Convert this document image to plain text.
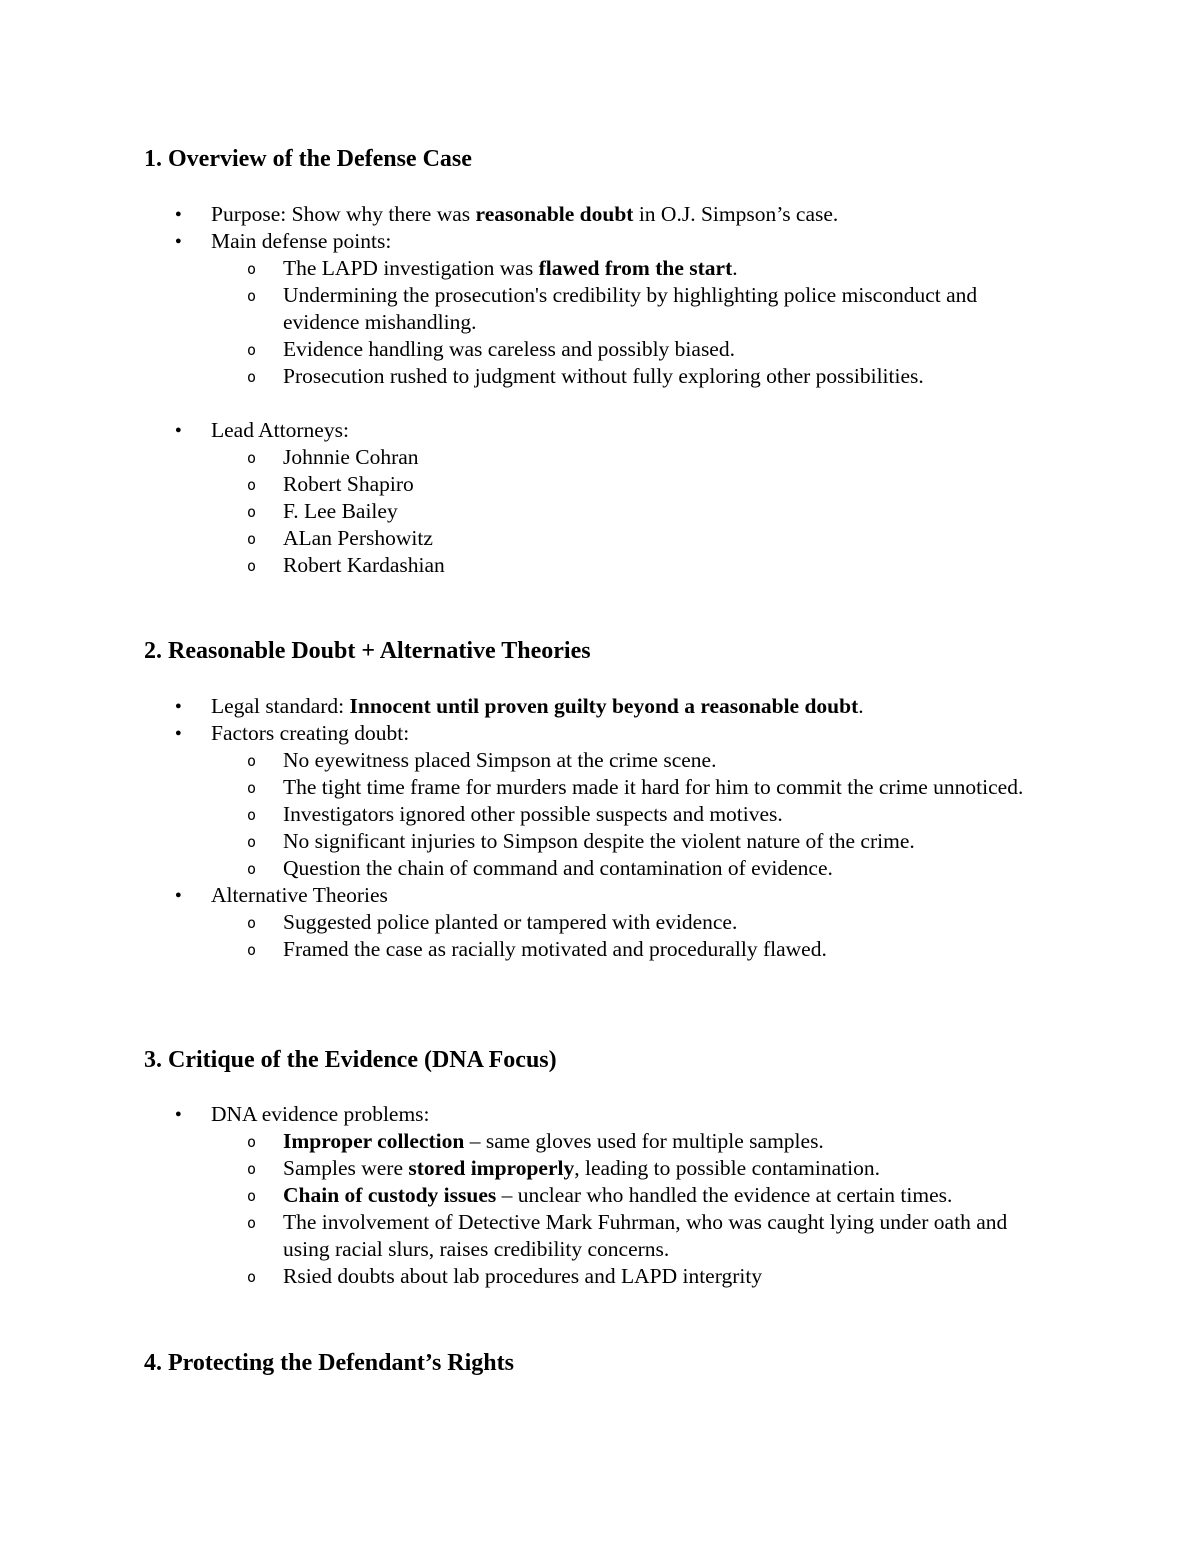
1. Overview of the Defense Case
● Purpose: Show why there was reasonable doubt in O.J. Simpson’s case.
● Main defense points:
o The LAPD investigation was flawed from the start.
o Undermining the prosecution's credibility by highlighting police misconduct and evidence mishandling.
o Evidence handling was careless and possibly biased.
o Prosecution rushed to judgment without fully exploring other possibilities.
● Lead Attorneys:
o Johnnie Cohran
o Robert Shapiro
o F. Lee Bailey
o ALan Pershowitz
o Robert Kardashian
2. Reasonable Doubt + Alternative Theories
● Legal standard: Innocent until proven guilty beyond a reasonable doubt.
● Factors creating doubt:
o No eyewitness placed Simpson at the crime scene.
o The tight time frame for murders made it hard for him to commit the crime unnoticed.
o Investigators ignored other possible suspects and motives.
o No significant injuries to Simpson despite the violent nature of the crime.
o Question the chain of command and contamination of evidence.
● Alternative Theories
o Suggested police planted or tampered with evidence.
o Framed the case as racially motivated and procedurally flawed.
3. Critique of the Evidence (DNA Focus)
● DNA evidence problems:
o Improper collection – same gloves used for multiple samples.
o Samples were stored improperly, leading to possible contamination.
o Chain of custody issues – unclear who handled the evidence at certain times.
o The involvement of Detective Mark Fuhrman, who was caught lying under oath and using racial slurs, raises credibility concerns.
o Rsied doubts about lab procedures and LAPD intergrity
4. Protecting the Defendant’s Rights
